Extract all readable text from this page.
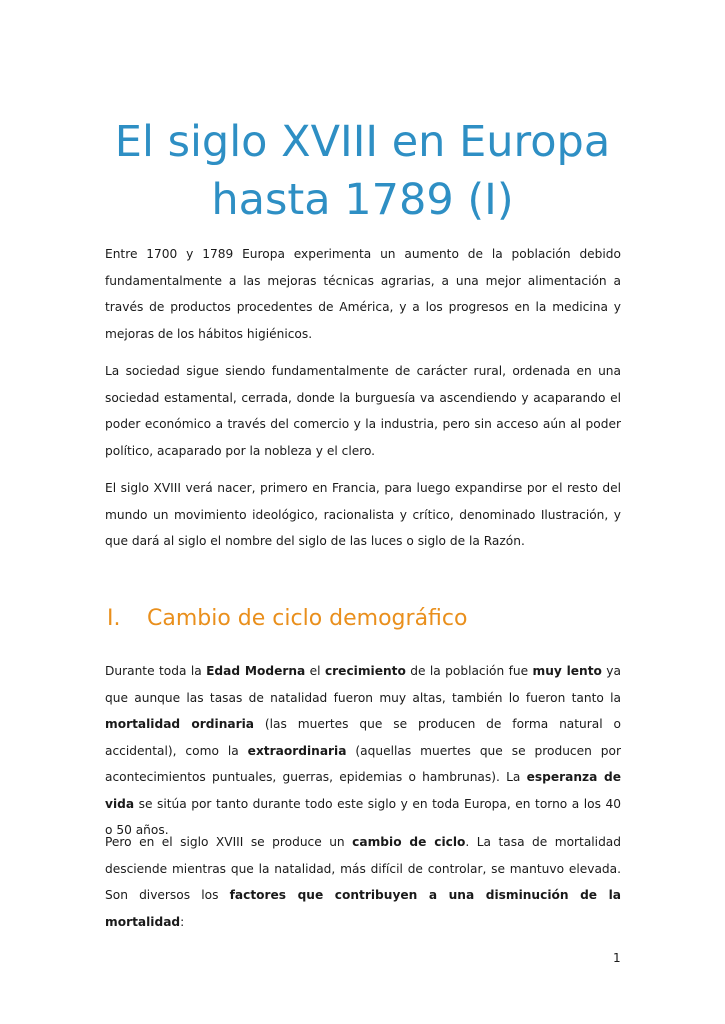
El siglo XVIII en Europa
hasta 1789 (I)

Entre 1700 y 1789 Europa experimenta un aumento de la población debido fundamentalmente a las mejoras técnicas agrarias, a una mejor alimentación a través de productos procedentes de América, y a los progresos en la medicina y mejoras de los hábitos higiénicos.

La sociedad sigue siendo fundamentalmente de carácter rural, ordenada en una sociedad estamental, cerrada, donde la burguesía va ascendiendo y acaparando el poder económico a través del comercio y la industria, pero sin acceso aún al poder político, acaparado por la nobleza y el clero.

El siglo XVIII verá nacer, primero en Francia, para luego expandirse por el resto del mundo un movimiento ideológico, racionalista y crítico, denominado Ilustración, y que dará al siglo el nombre del siglo de las luces o siglo de la Razón.

I. Cambio de ciclo demográfico

Durante toda la Edad Moderna el crecimiento de la población fue muy lento ya que aunque las tasas de natalidad fueron muy altas, también lo fueron tanto la mortalidad ordinaria (las muertes que se producen de forma natural o accidental), como la extraordinaria (aquellas muertes que se producen por acontecimientos puntuales, guerras, epidemias o hambrunas). La esperanza de vida se sitúa por tanto durante todo este siglo y en toda Europa, en torno a los 40 o 50 años.

Pero en el siglo XVIII se produce un cambio de ciclo. La tasa de mortalidad desciende mientras que la natalidad, más difícil de controlar, se mantuvo elevada. Son diversos los factores que contribuyen a una disminución de la mortalidad:

1
